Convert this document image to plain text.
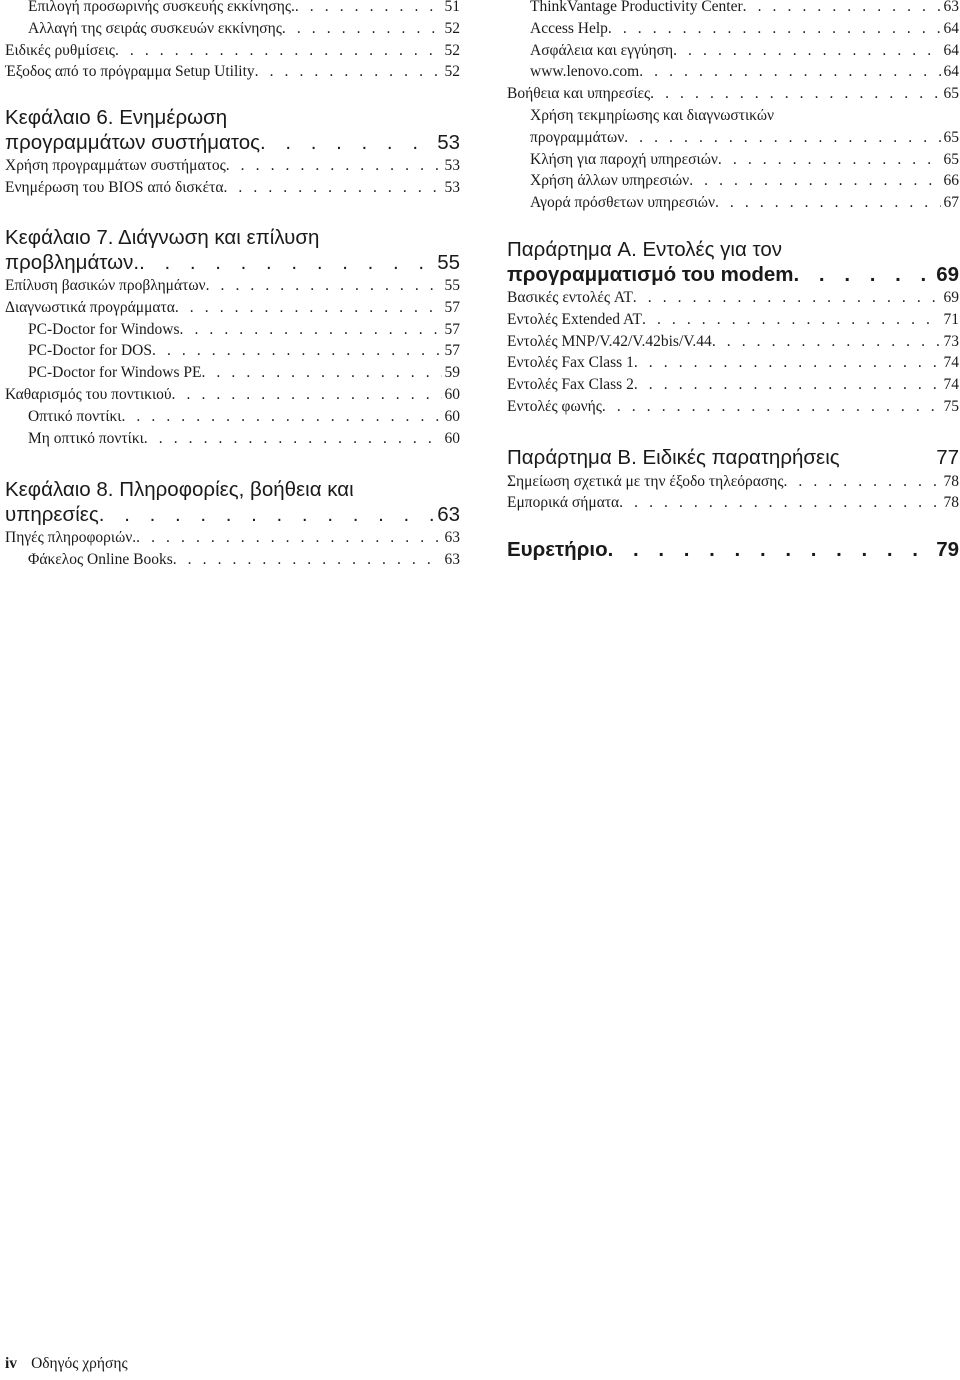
Επιλογή προσωρινής συσκευής εκκίνησης. . . .	51
Αλλαγή της σειράς συσκευών εκκίνησης . . .	52
Ειδικές ρυθμίσεις . . .	52
Έξοδος από το πρόγραμμα Setup Utility . . .	52
Κεφάλαιο 6. Ενημέρωση
προγραμμάτων συστήματος . . .	53
Χρήση προγραμμάτων συστήματος . . .	53
Ενημέρωση του BIOS από δισκέτα . . .	53
Κεφάλαιο 7. Διάγνωση και επίλυση
προβλημάτων. . . .	55
Επίλυση βασικών προβλημάτων . . .	55
Διαγνωστικά προγράμματα . . .	57
PC-Doctor for Windows . . .	57
PC-Doctor for DOS . . .	57
PC-Doctor for Windows PE . . .	59
Καθαρισμός του ποντικιού . . .	60
Οπτικό ποντίκι . . .	60
Μη οπτικό ποντίκι . . .	60
Κεφάλαιο 8. Πληροφορίες, βοήθεια και
υπηρεσίες . . .	63
Πηγές πληροφοριών. . . .	63
Φάκελος Online Books . . .	63
ThinkVantage Productivity Center . . .	63
Access Help . . .	64
Ασφάλεια και εγγύηση . . .	64
www.lenovo.com . . .	64
Βοήθεια και υπηρεσίες . . .	65
Χρήση τεκμηρίωσης και διαγνωστικών
προγραμμάτων . . .	65
Κλήση για παροχή υπηρεσιών . . .	65
Χρήση άλλων υπηρεσιών . . .	66
Αγορά πρόσθετων υπηρεσιών . . .	67
Παράρτημα A. Εντολές για τον
προγραμματισμό του modem . . .	69
Βασικές εντολές AT . . .	69
Εντολές Extended AT . . .	71
Εντολές MNP/V.42/V.42bis/V.44 . . .	73
Εντολές Fax Class 1 . . .	74
Εντολές Fax Class 2 . . .	74
Εντολές φωνής . . .	75
Παράρτημα B. Ειδικές παρατηρήσεις	77
Σημείωση σχετικά με την έξοδο τηλεόρασης . . .	78
Εμπορικά σήματα . . .	78
Ευρετήριο . . .	79
iv Οδηγός χρήσης
